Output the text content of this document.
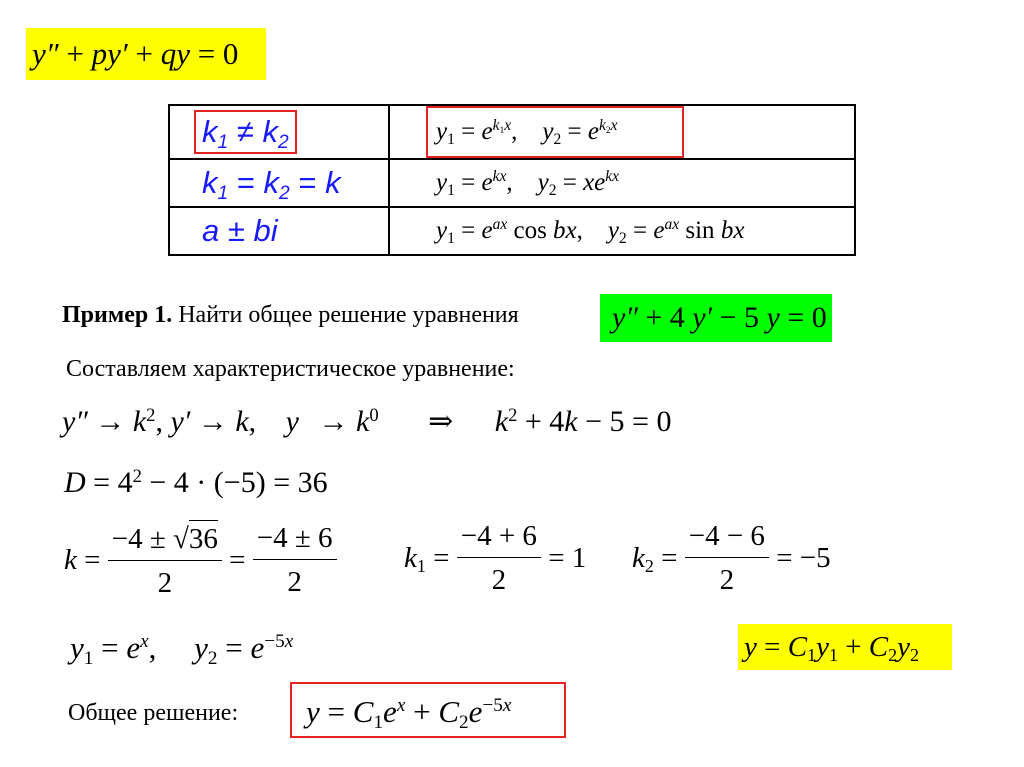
y″ + py′ + qy = 0
$k_1 \ne k_2$	$y_1 = e^{k_1x}$,    $y_2 = e^{k_2x}$
$k_1 = k_2 = k$	$y_1 = e^{kx}$,    $y_2 = xe^{kx}$
a ± bi	$y_1 = e^{ax}$ cos bx,    $y_2 = e^{ax}$ sin bx
Пример 1. Найти общее решение уравнения	y″ + 4 y′ − 5 y = 0
Составляем характеристическое уравнение:
$y'' \to k^2$, y′ → k, $y \to k^0$ ⇒ $k^2 + 4k - 5 = 0$
$D = 4^2 - 4 \cdot (-5) = 36$
k
=
$\frac{-4 \pm √36}{2}$
=
$\frac{-4 \pm 6}{2} k_1$
=
$\frac{-4 + 6}{2}$
= 1 $k_2$
=
$\frac{-4 - 6}{2}$
= −5
$y_1 = e^x$, $y_2 = e^{-5x}$	$y = C_1y_1 + C_2y_2$
Общее решение:	$y = C_1e^x + C_2e^{-5x}$
